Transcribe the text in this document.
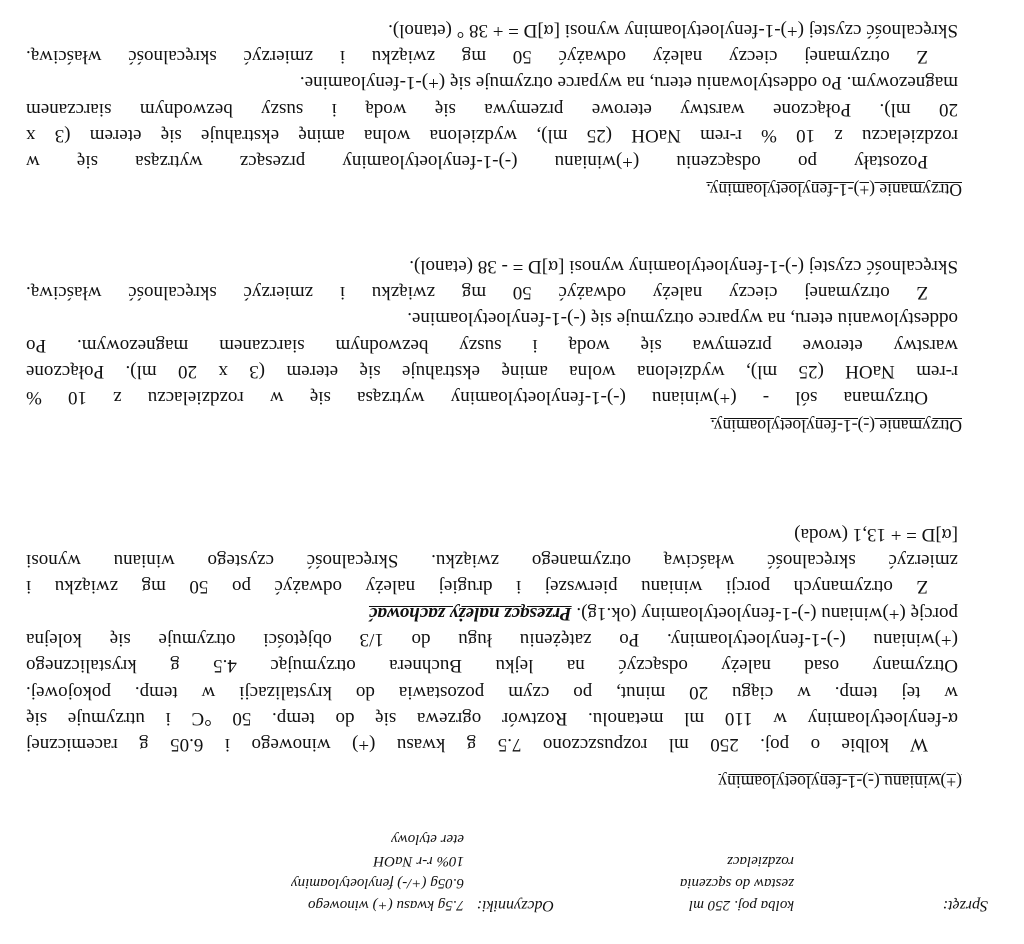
Sprzęt:
kolba poj. 250 ml
zestaw do sączenia
rozdzielacz
Odczynniki:
7.5g kwasu (+) winowego
6.05g (+/-) fenyloetyloaminy
10% r-r NaOH
eter etylowy
(+)winianu (-)-1-fenyloetyloaminy
W kolbie o poj. 250 ml rozpuszczono 7.5 g kwasu (+) winowego i 6.05 g racemicznej
α-fenyloetyloaminy w 110 ml metanolu. Roztwór ogrzewa się do temp. 50 °C i utrzymuje się
w tej temp. w ciągu 20 minut, po czym pozostawia do krystalizacji w temp. pokojowej.
Otrzymany osad należy odsączyć na lejku Buchnera otrzymując 4.5 g krystalicznego
(+)winianu (-)-1-fenyloetyloaminy. Po zatężeniu ługu do 1/3 objętości otrzymuje się kolejna
porcję (+)winianu (-)-1-fenyloetyloaminy (ok.1g). Przesącz należy zachować
Z otrzymanych porcji winianu pierwszej i drugiej należy odważyć po 50 mg związku i
zmierzyć skręcalność właściwą otrzymanego związku. Skręcalność czystego winianu wynosi
[α]D = + 13,1 (woda)
Otrzymanie (-)-1-fenyloetyloaminy.
Otrzymana sól - (+)winianu (-)-1-fenyloetyloaminy wytrząsa się w rozdzielaczu z 10 %
r-rem NaOH (25 ml), wydzielona wolna aminę ekstrahuje się eterem (3 x 20 ml). Połączone
warstwy eterowe przemywa się wodą i suszy bezwodnym siarczanem magnezowym. Po
oddestylowaniu eteru, na wyparce otrzymuje się (-)-1-fenyloetyloamine.
Z otrzymanej cieczy należy odważyć 50 mg związku i zmierzyć skręcalność właściwą.
Skręcalność czystej (-)-1-fenyloetyloaminy wynosi [α]D = - 38 (etanol).
Otrzymanie (+)-1-fenyloetyloaminy.
Pozostały po odsączeniu (+)winianu (-)-1-fenyloetyloaminy przesącz wytrząsa się w
rozdzielaczu z 10 % r-rem NaOH (25 ml), wydzielona wolna aminę ekstrahuje się eterem (3 x
20 ml). Połączone warstwy eterowe przemywa się wodą i suszy bezwodnym siarczanem
magnezowym. Po oddestylowaniu eteru, na wyparce otrzymuje się (+)-1-fenyloamine.
Z otrzymanej cieczy należy odważyć 50 mg związku i zmierzyć skręcalność właściwą.
Skręcalność czystej (+)-1-fenyloetyloaminy wynosi [α]D = + 38 ° (etanol).
